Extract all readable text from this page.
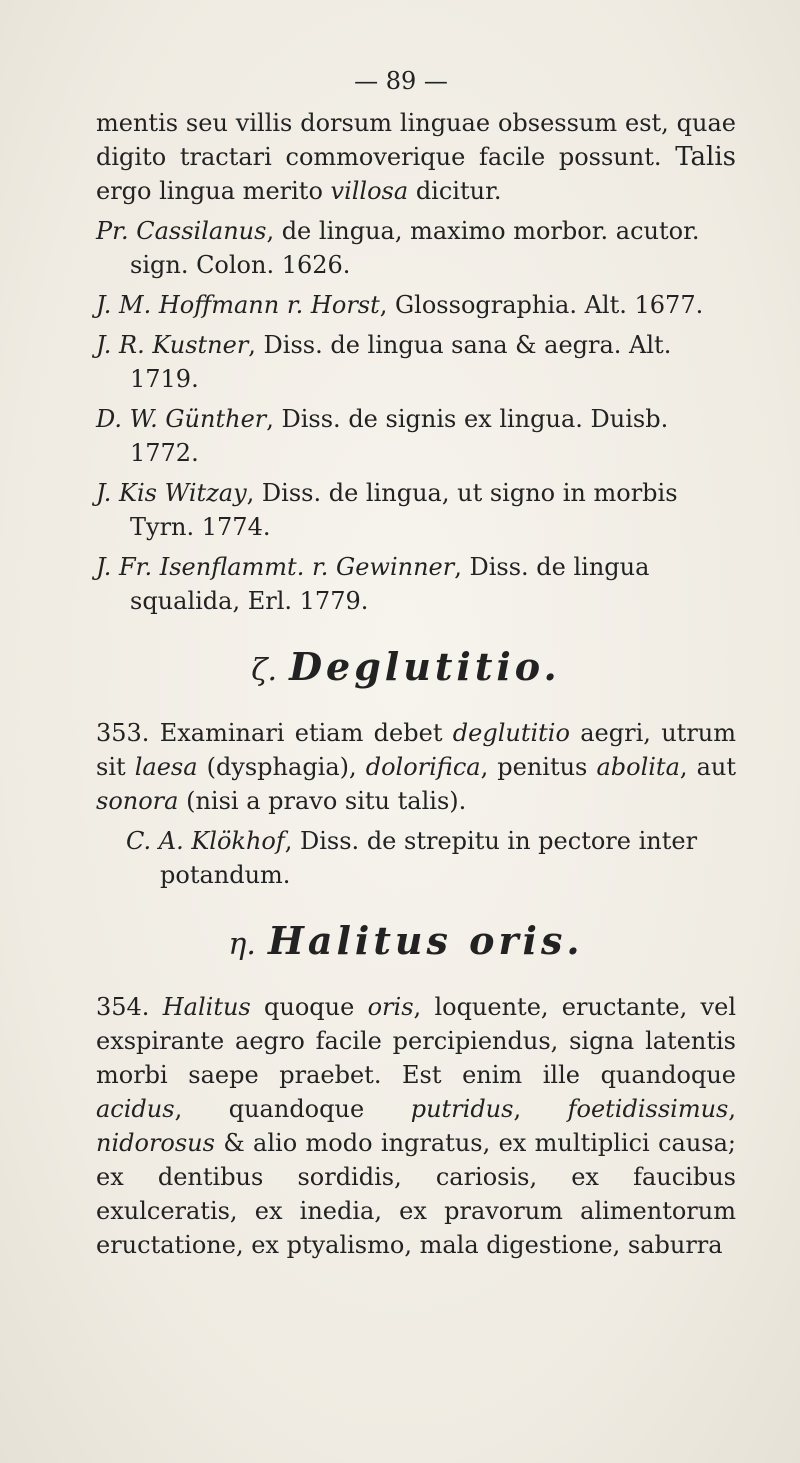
— 89 —

mentis seu villis dorsum linguae obsessum est, quae digito tractari commoverique facile possunt. Talis ergo lingua merito villosa dicitur.

Pr. Cassilanus, de lingua, maximo morbor. acutor. sign. Colon. 1626.

J. M. Hoffmann r. Horst, Glossographia. Alt. 1677.

J. R. Kustner, Diss. de lingua sana & aegra. Alt. 1719.

D. W. Günther, Diss. de signis ex lingua. Duisb. 1772.

J. Kis Witzay, Diss. de lingua, ut signo in morbis Tyrn. 1774.

J. Fr. Isenflammt. r. Gewinner, Diss. de lingua squalida, Erl. 1779.

ζ. Deglutitio.

353. Examinari etiam debet deglutitio aegri, utrum sit laesa (dysphagia), dolorifica, penitus abolita, aut sonora (nisi a pravo situ talis).

C. A. Klökhof, Diss. de strepitu in pectore inter potandum.

η. Halitus oris.

354. Halitus quoque oris, loquente, eructante, vel exspirante aegro facile percipiendus, signa latentis morbi saepe praebet. Est enim ille quandoque acidus, quandoque putridus, foetidissimus, nidorosus & alio modo ingratus, ex multiplici causa; ex dentibus sordidis, cariosis, ex faucibus exulceratis, ex inedia, ex pravorum alimentorum eructatione, ex ptyalismo, mala digestione, saburra
